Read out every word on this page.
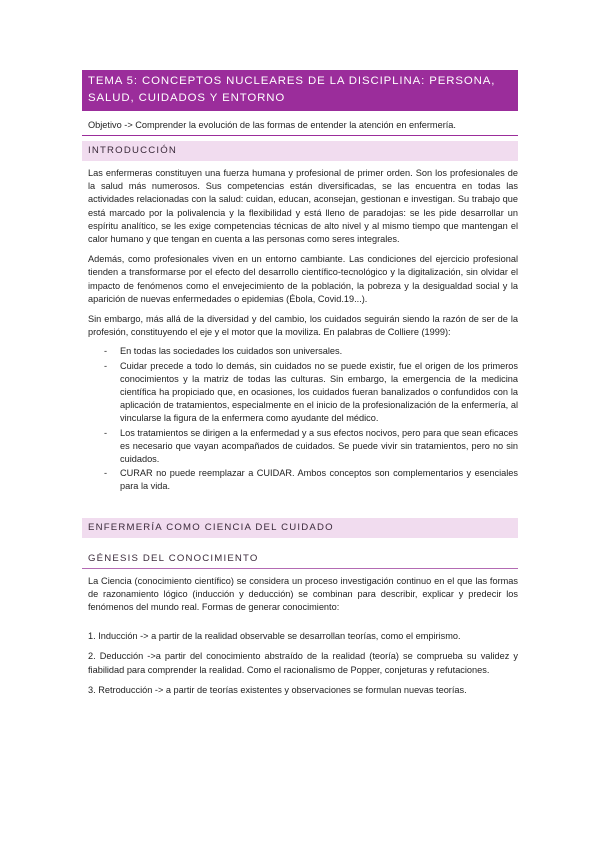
TEMA 5: CONCEPTOS NUCLEARES DE LA DISCIPLINA: PERSONA,
SALUD, CUIDADOS Y ENTORNO
Objetivo -> Comprender la evolución de las formas de entender la atención en enfermería.
INTRODUCCIÓN

Las enfermeras constituyen una fuerza humana y profesional de primer orden. Son los profesionales de la salud más numerosos. Sus competencias están diversificadas, se las encuentra en todas las actividades relacionadas con la salud: cuidan, educan, aconsejan, gestionan e investigan. Su trabajo que está marcado por la polivalencia y la flexibilidad y está lleno de paradojas: se les pide desarrollar un espíritu analítico, se les exige competencias técnicas de alto nivel y al mismo tiempo que mantengan el calor humano y que tengan en cuenta a las personas como seres integrales.

Además, como profesionales viven en un entorno cambiante. Las condiciones del ejercicio profesional tienden a transformarse por el efecto del desarrollo científico-tecnológico y la digitalización, sin olvidar el impacto de fenómenos como el envejecimiento de la población, la pobreza y la desigualdad social y la aparición de nuevas enfermedades o epidemias (Ébola, Covid.19...).

Sin embargo, más allá de la diversidad y del cambio, los cuidados seguirán siendo la razón de ser de la profesión, constituyendo el eje y el motor que la moviliza. En palabras de Colliere (1999):

- En todas las sociedades los cuidados son universales.
- Cuidar precede a todo lo demás, sin cuidados no se puede existir, fue el origen de los primeros conocimientos y la matriz de todas las culturas. Sin embargo, la emergencia de la medicina científica ha propiciado que, en ocasiones, los cuidados fueran banalizados o confundidos con la aplicación de tratamientos, especialmente en el inicio de la profesionalización de la enfermería, al vincularse la figura de la enfermera como ayudante del médico.
- Los tratamientos se dirigen a la enfermedad y a sus efectos nocivos, pero para que sean eficaces es necesario que vayan acompañados de cuidados. Se puede vivir sin tratamientos, pero no sin cuidados.
- CURAR no puede reemplazar a CUIDAR. Ambos conceptos son complementarios y esenciales para la vida.
ENFERMERÍA COMO CIENCIA DEL CUIDADO
GÉNESIS DEL CONOCIMIENTO

La Ciencia (conocimiento científico) se considera un proceso investigación continuo en el que las formas de razonamiento lógico (inducción y deducción) se combinan para describir, explicar y predecir los fenómenos del mundo real. Formas de generar conocimiento:

1. Inducción -> a partir de la realidad observable se desarrollan teorías, como el empirismo.
2. Deducción ->a partir del conocimiento abstraído de la realidad (teoría) se comprueba su validez y fiabilidad para comprender la realidad. Como el racionalismo de Popper, conjeturas y refutaciones.
3. Retroducción -> a partir de teorías existentes y observaciones se formulan nuevas teorías.
